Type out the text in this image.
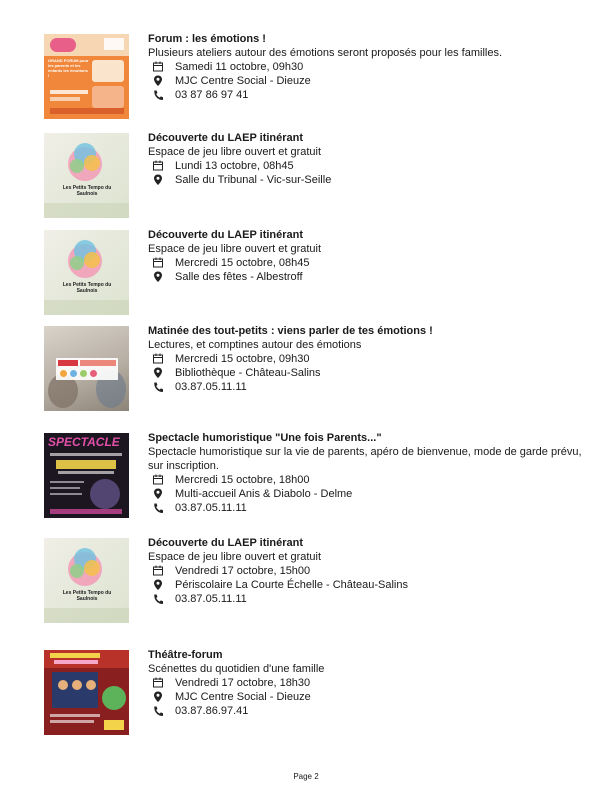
GRAND FORUM pour les parents et les enfants les émotions !

Forum : les émotions !

Plusieurs ateliers autour des émotions seront proposés pour les familles.

Samedi 11 octobre, 09h30
MJC Centre Social - Dieuze
03 87 86 97 41
Les Petits Tempo du Saulnois

Découverte du LAEP itinérant

Espace de jeu libre ouvert et gratuit

Lundi 13 octobre, 08h45
Salle du Tribunal - Vic-sur-Seille
Les Petits Tempo du Saulnois

Découverte du LAEP itinérant

Espace de jeu libre ouvert et gratuit

Mercredi 15 octobre, 08h45
Salle des fêtes - Albestroff

Matinée des tout-petits : viens parler de tes émotions !

Lectures, et comptines autour des émotions

Mercredi 15 octobre, 09h30
Bibliothèque - Château-Salins
03.87.05.11.11
SPECTACLE	Spectacle humoristique "Une fois Parents..."

Spectacle humoristique sur la vie de parents, apéro de bienvenue, mode de garde prévu, sur inscription.

Mercredi 15 octobre, 18h00
Multi-accueil Anis & Diabolo - Delme
03.87.05.11.11
Les Petits Tempo du Saulnois

Découverte du LAEP itinérant

Espace de jeu libre ouvert et gratuit

Vendredi 17 octobre, 15h00
Périscolaire La Courte Échelle - Château-Salins
03.87.05.11.11

Théâtre-forum

Scénettes du quotidien d'une famille

Vendredi 17 octobre, 18h30
MJC Centre Social - Dieuze
03.87.86.97.41
Page 2
